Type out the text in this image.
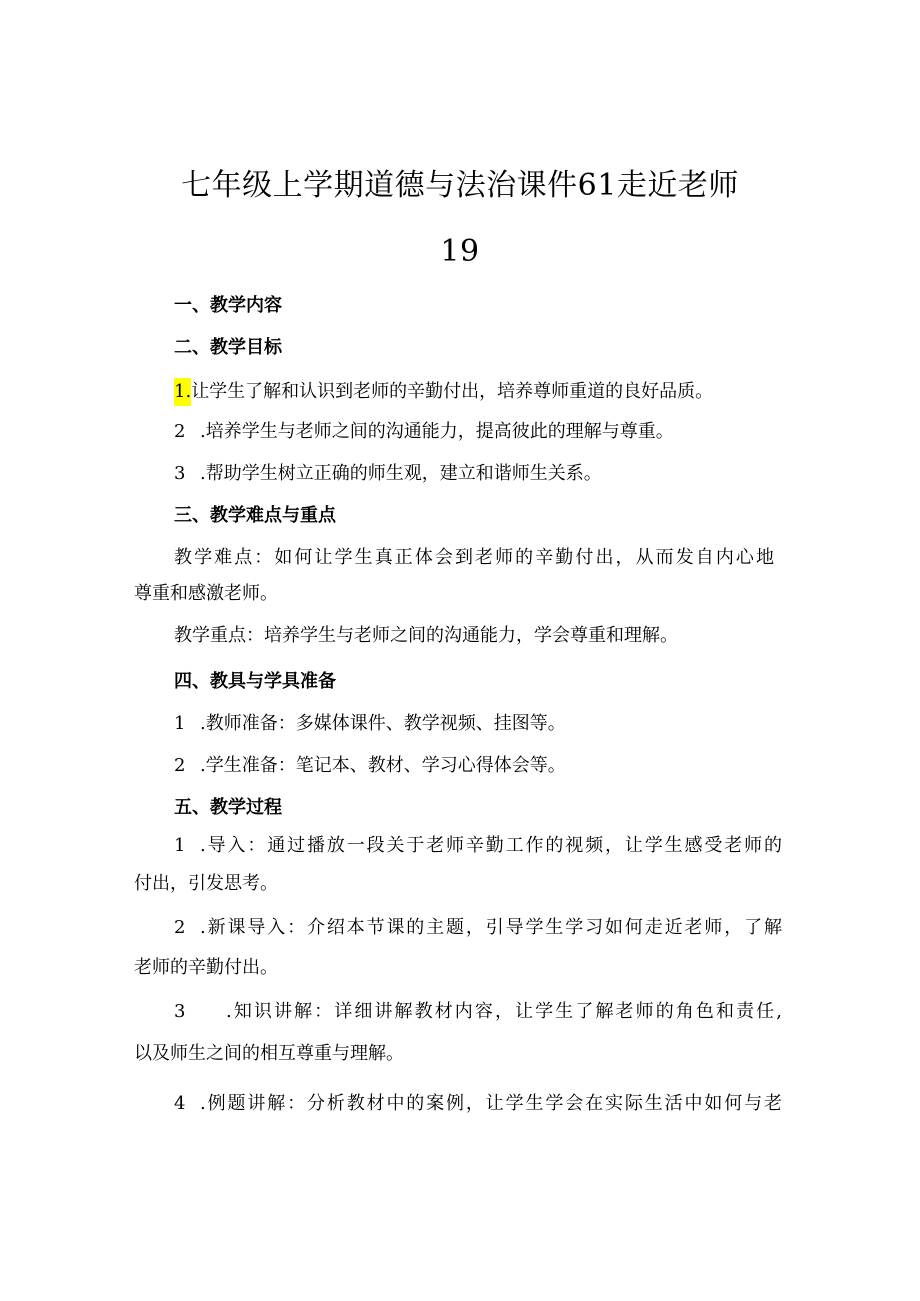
七年级上学期道德与法治课件61走近老师
19
一、教学内容
二、教学目标
1.让学生了解和认识到老师的辛勤付出，培养尊师重道的良好品质。
2 .培养学生与老师之间的沟通能力，提高彼此的理解与尊重。
3 .帮助学生树立正确的师生观，建立和谐师生关系。
三、教学难点与重点
教学难点：如何让学生真正体会到老师的辛勤付出，从而发自内心地
尊重和感激老师。
教学重点：培养学生与老师之间的沟通能力，学会尊重和理解。
四、教具与学具准备
1 .教师准备：多媒体课件、教学视频、挂图等。
2 .学生准备：笔记本、教材、学习心得体会等。
五、教学过程
1 .导入：通过播放一段关于老师辛勤工作的视频，让学生感受老师的
付出，引发思考。
2 .新课导入：介绍本节课的主题，引导学生学习如何走近老师，了解
老师的辛勤付出。
3 .知识讲解：详细讲解教材内容，让学生了解老师的角色和责任,
以及师生之间的相互尊重与理解。
4 .例题讲解：分析教材中的案例，让学生学会在实际生活中如何与老
